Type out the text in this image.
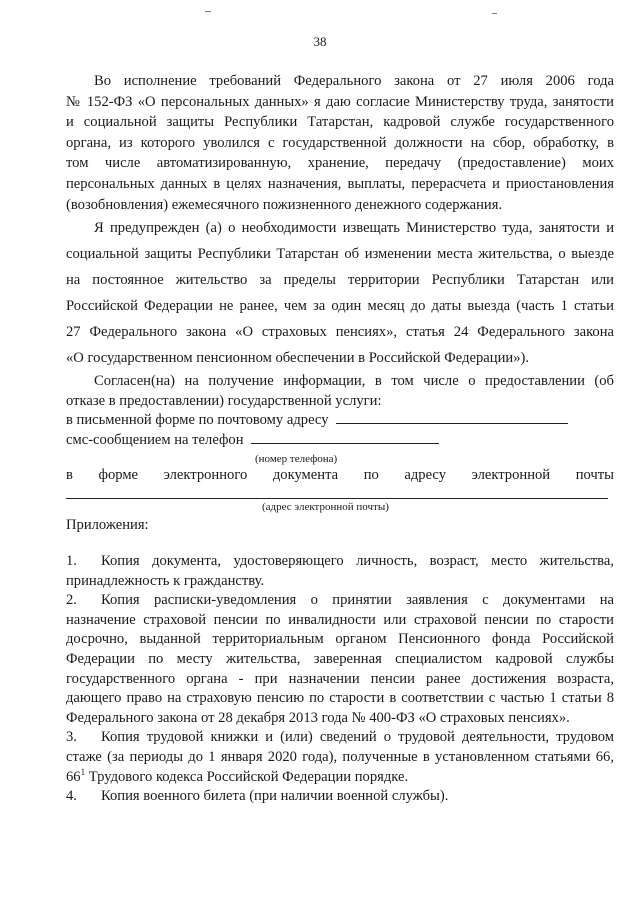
38
Во исполнение требований Федерального закона от 27 июля 2006 года
№ 152-ФЗ «О персональных данных» я даю согласие Министерству труда, занятости
и социальной защиты Республики Татарстан, кадровой службе государственного
органа, из которого уволился с государственной должности на сбор, обработку, в
том числе автоматизированную, хранение, передачу (предоставление) моих
персональных данных в целях назначения, выплаты, перерасчета и приостановления
(возобновления) ежемесячного пожизненного денежного содержания.
Я предупрежден (а) о необходимости извещать Министерство туда, занятости и
социальной защиты Республики Татарстан об изменении места жительства, о выезде
на постоянное жительство за пределы территории Республики Татарстан или
Российской Федерации не ранее, чем за один месяц до даты выезда (часть 1 статьи
27 Федерального закона «О страховых пенсиях», статья 24 Федерального закона
«О государственном пенсионном обеспечении в Российской Федерации»).
Согласен(на) на получение информации, в том числе о предоставлении (об
отказе в предоставлении) государственной услуги:
в письменной форме по почтовому адресу
смс-сообщением на телефон
(номер телефона)
в форме электронного документа по адресу электронной почты
(адрес электронной почты)
Приложения:
1.	Копия документа, удостоверяющего личность, возраст, место жительства,
принадлежность к гражданству.
2.	Копия расписки-уведомления о принятии заявления с документами на
назначение страховой пенсии по инвалидности или страховой пенсии по старости
досрочно, выданной территориальным органом Пенсионного фонда Российской
Федерации по месту жительства, заверенная специалистом кадровой службы
государственного органа - при назначении пенсии ранее достижения возраста,
дающего право на страховую пенсию по старости в соответствии с частью 1 статьи 8
Федерального закона от 28 декабря 2013 года № 400-ФЗ «О страховых пенсиях».
3.	Копия трудовой книжки и (или) сведений о трудовой деятельности, трудовом
стаже (за периоды до 1 января 2020 года), полученные в установленном статьями 66,
$66^1$ Трудового кодекса Российской Федерации порядке.
4.	Копия военного билета (при наличии военной службы).
